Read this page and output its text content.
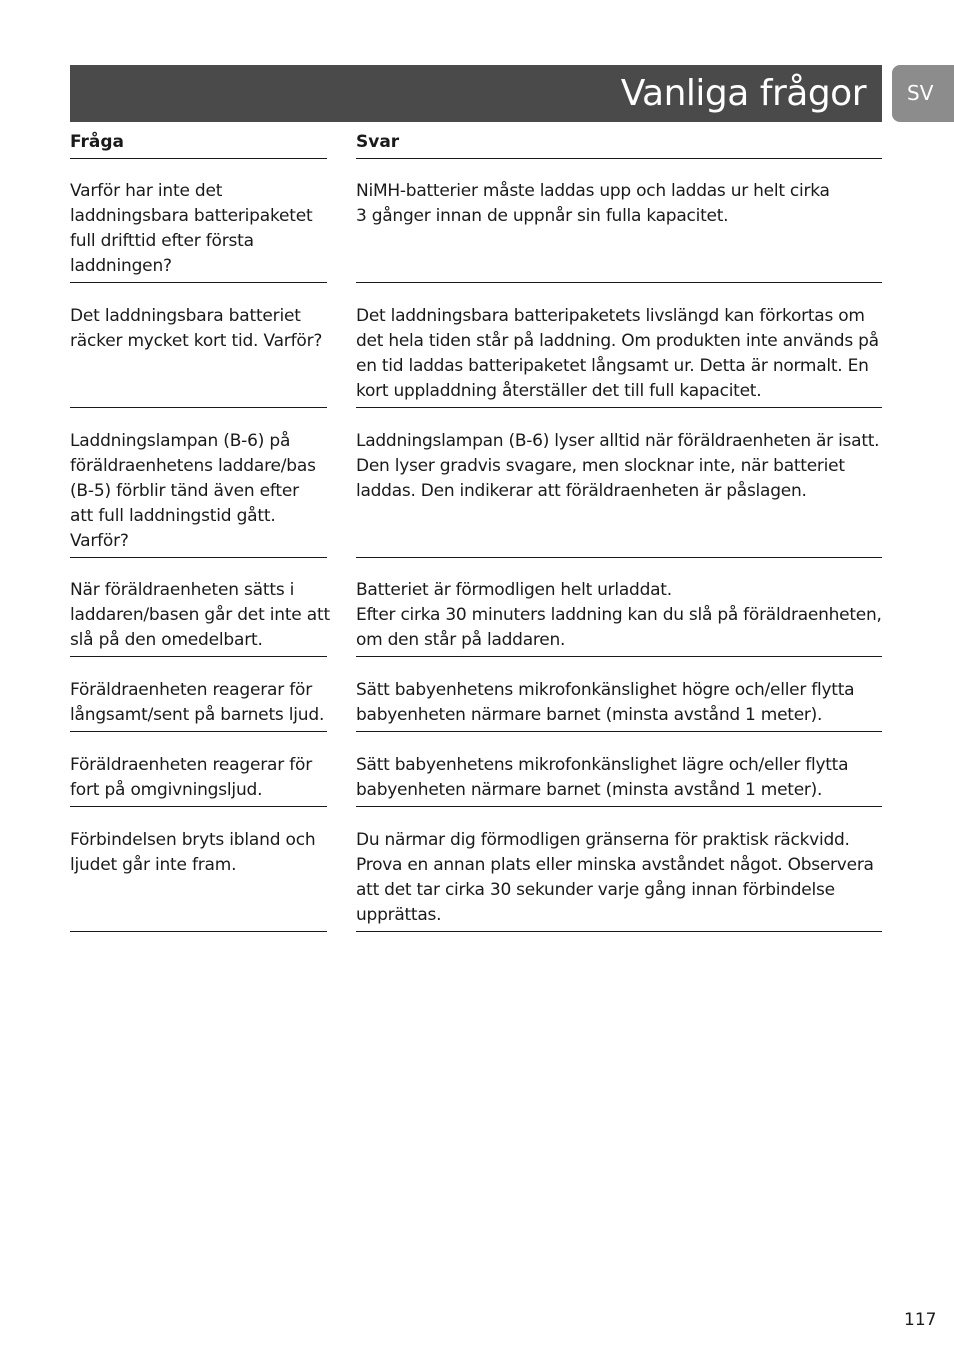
Vanliga frågor	SV
Fråga	Svar
Varför har inte det
laddningsbara batteripaketet
full drifttid efter första
laddningen?
NiMH-batterier måste laddas upp och laddas ur helt cirka
3 gånger innan de uppnår sin fulla kapacitet.
Det laddningsbara batteriet
räcker mycket kort tid. Varför?
Det laddningsbara batteripaketets livslängd kan förkortas om
det hela tiden står på laddning. Om produkten inte används på
en tid laddas batteripaketet långsamt ur. Detta är normalt. En
kort uppladdning återställer det till full kapacitet.
Laddningslampan (B-6) på
föräldraenhetens laddare/bas
(B-5) förblir tänd även efter
att full laddningstid gått.
Varför?
Laddningslampan (B-6) lyser alltid när föräldraenheten är isatt.
Den lyser gradvis svagare, men slocknar inte, när batteriet
laddas. Den indikerar att föräldraenheten är påslagen.
När föräldraenheten sätts i
laddaren/basen går det inte att
slå på den omedelbart.
Batteriet är förmodligen helt urladdat.
Efter cirka 30 minuters laddning kan du slå på föräldraenheten,
om den står på laddaren.
Föräldraenheten reagerar för
långsamt/sent på barnets ljud.
Sätt babyenhetens mikrofonkänslighet högre och/eller flytta
babyenheten närmare barnet (minsta avstånd 1 meter).
Föräldraenheten reagerar för
fort på omgivningsljud.
Sätt babyenhetens mikrofonkänslighet lägre och/eller flytta
babyenheten närmare barnet (minsta avstånd 1 meter).
Förbindelsen bryts ibland och
ljudet går inte fram.
Du närmar dig förmodligen gränserna för praktisk räckvidd.
Prova en annan plats eller minska avståndet något. Observera
att det tar cirka 30 sekunder varje gång innan förbindelse
upprättas.
117
